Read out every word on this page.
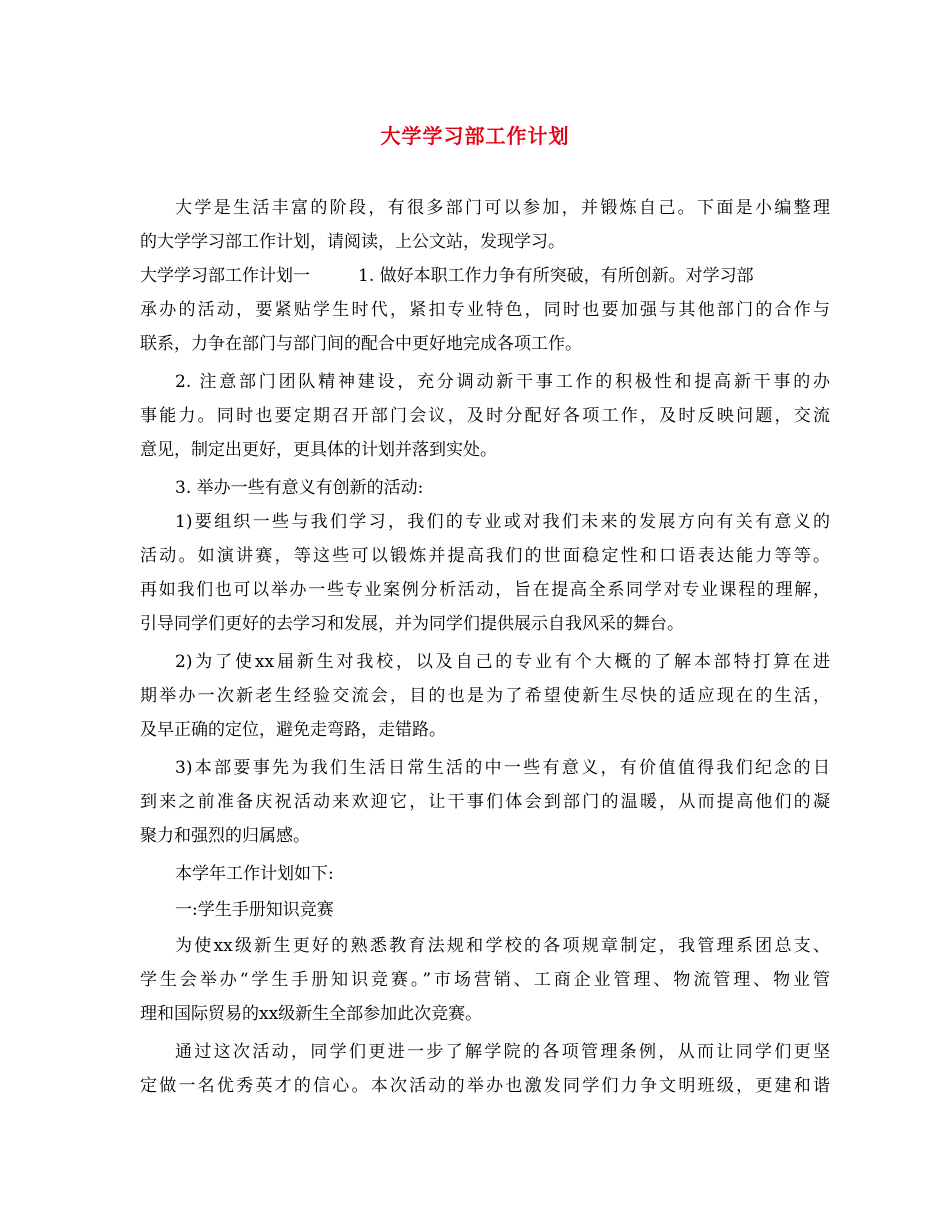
大学学习部工作计划
大学是生活丰富的阶段，有很多部门可以参加，并锻炼自己。下面是小编整理
的大学学习部工作计划，请阅读，上公文站，发现学习。
大学学习部工作计划一	1. 做好本职工作力争有所突破，有所创新。对学习部
承办的活动，要紧贴学生时代，紧扣专业特色，同时也要加强与其他部门的合作与
联系，力争在部门与部门间的配合中更好地完成各项工作。
2. 注意部门团队精神建设，充分调动新干事工作的积极性和提高新干事的办
事能力。同时也要定期召开部门会议，及时分配好各项工作，及时反映问题，交流
意见，制定出更好，更具体的计划并落到实处。
3. 举办一些有意义有创新的活动:
1)要组织一些与我们学习，我们的专业或对我们未来的发展方向有关有意义的
活动。如演讲赛，等这些可以锻炼并提高我们的世面稳定性和口语表达能力等等。
再如我们也可以举办一些专业案例分析活动，旨在提高全系同学对专业课程的理解，
引导同学们更好的去学习和发展，并为同学们提供展示自我风采的舞台。
2)为了使xx届新生对我校，以及自己的专业有个大概的了解本部特打算在进
期举办一次新老生经验交流会，目的也是为了希望使新生尽快的适应现在的生活，
及早正确的定位，避免走弯路，走错路。
3)本部要事先为我们生活日常生活的中一些有意义，有价值值得我们纪念的日
到来之前准备庆祝活动来欢迎它，让干事们体会到部门的温暖，从而提高他们的凝
聚力和强烈的归属感。
本学年工作计划如下:
一:学生手册知识竞赛
为使xx级新生更好的熟悉教育法规和学校的各项规章制定，我管理系团总支、
学生会举办“学生手册知识竞赛。”市场营销、工商企业管理、物流管理、物业管
理和国际贸易的xx级新生全部参加此次竞赛。
通过这次活动，同学们更进一步了解学院的各项管理条例，从而让同学们更坚
定做一名优秀英才的信心。本次活动的举办也激发同学们力争文明班级，更建和谐
